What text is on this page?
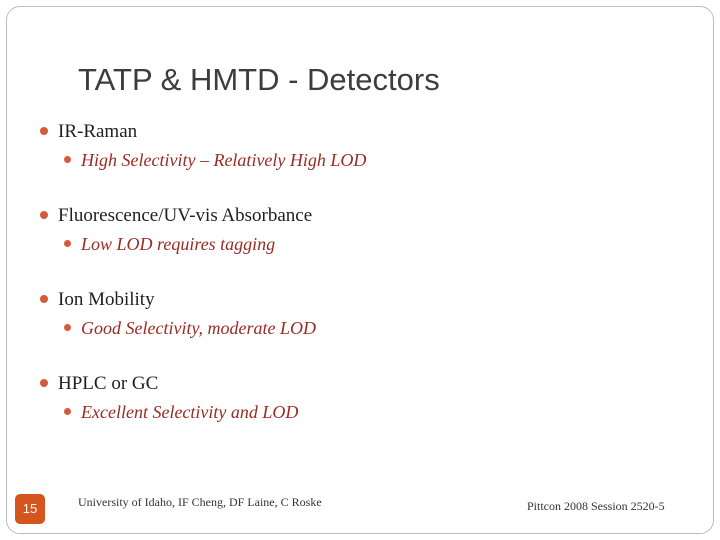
TATP & HMTD - Detectors
IR-Raman
High Selectivity – Relatively High LOD
Fluorescence/UV-vis Absorbance
Low LOD requires tagging
Ion Mobility
Good Selectivity, moderate LOD
HPLC or GC
Excellent Selectivity and LOD
15	University of Idaho, IF Cheng, DF Laine, C Roske	Pittcon 2008 Session 2520-5
